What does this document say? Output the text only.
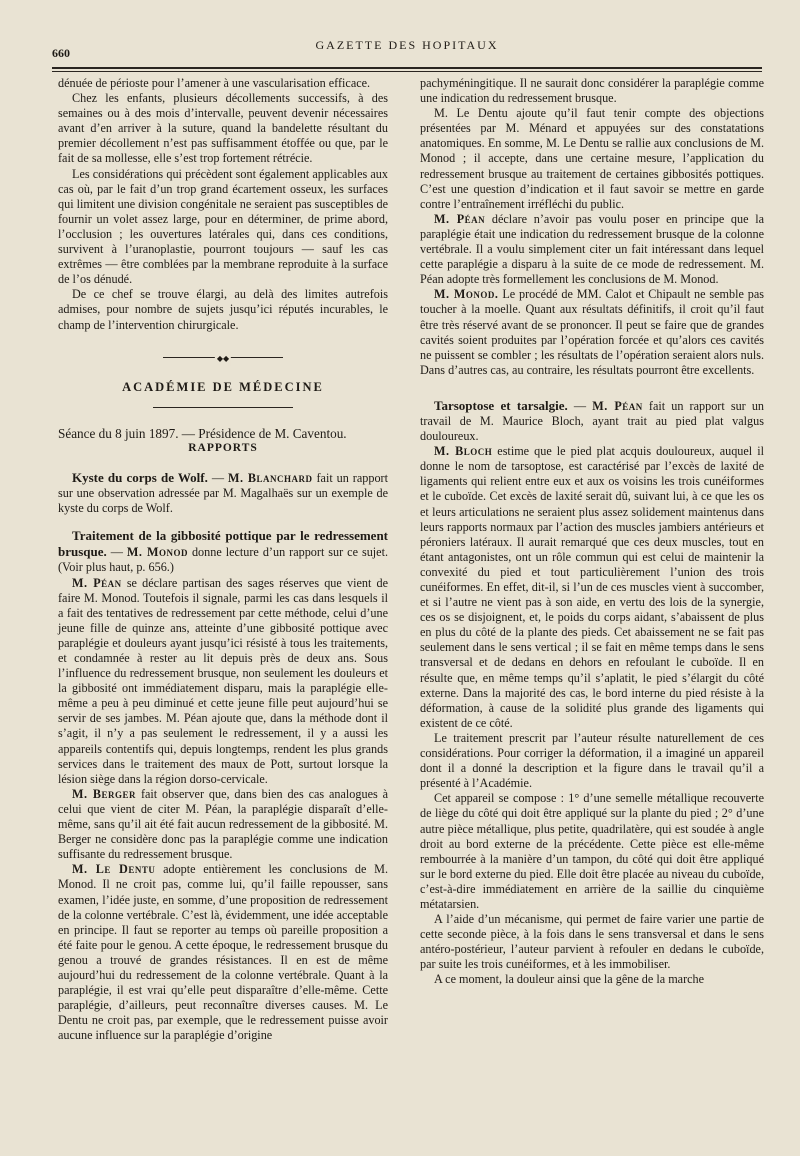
660
GAZETTE DES HOPITAUX

dénuée de périoste pour l’amener à une vascularisation efficace.

Chez les enfants, plusieurs décollements successifs, à des semaines ou à des mois d’intervalle, peuvent devenir nécessaires avant d’en arriver à la suture, quand la bandelette résultant du premier décollement n’est pas suffisamment étoffée ou que, par le fait de sa mollesse, elle s’est trop fortement rétrécie.

Les considérations qui précèdent sont également applicables aux cas où, par le fait d’un trop grand écartement osseux, les surfaces qui limitent une division congénitale ne seraient pas susceptibles de fournir un volet assez large, pour en déterminer, de prime abord, l’occlusion ; les ouvertures latérales qui, dans ces conditions, survivent à l’uranoplastie, pourront toujours — sauf les cas extrêmes — être comblées par la membrane reproduite à la surface de l’os dénudé.

De ce chef se trouve élargi, au delà des limites autrefois admises, pour nombre de sujets jusqu’ici réputés incurables, le champ de l’intervention chirurgicale.

◆◆
ACADÉMIE DE MÉDECINE

Séance du 8 juin 1897. — Présidence de M. Caventou.

RAPPORTS

Kyste du corps de Wolf. — M. Blanchard fait un rapport sur une observation adressée par M. Magalhaës sur un exemple de kyste du corps de Wolf.

Traitement de la gibbosité pottique par le redressement brusque. — M. Monod donne lecture d’un rapport sur ce sujet. (Voir plus haut, p. 656.)

M. Péan se déclare partisan des sages réserves que vient de faire M. Monod. Toutefois il signale, parmi les cas dans lesquels il a fait des tentatives de redressement par cette méthode, celui d’une jeune fille de quinze ans, atteinte d’une gibbosité pottique avec paraplégie et douleurs ayant jusqu’ici résisté à tous les traitements, et condamnée à rester au lit depuis près de deux ans. Sous l’influence du redressement brusque, non seulement les douleurs et la gibbosité ont immédiatement disparu, mais la paraplégie elle-même a peu à peu diminué et cette jeune fille peut aujourd’hui se servir de ses jambes. M. Péan ajoute que, dans la méthode dont il s’agit, il n’y a pas seulement le redressement, il y a aussi les appareils contentifs qui, depuis longtemps, rendent les plus grands services dans le traitement des maux de Pott, surtout lorsque la lésion siège dans la région dorso-cervicale.

M. Berger fait observer que, dans bien des cas analogues à celui que vient de citer M. Péan, la paraplégie disparaît d’elle-même, sans qu’il ait été fait aucun redressement de la gibbosité. M. Berger ne considère donc pas la paraplégie comme une indication suffisante du redressement brusque.

M. Le Dentu adopte entièrement les conclusions de M. Monod. Il ne croit pas, comme lui, qu’il faille repousser, sans examen, l’idée juste, en somme, d’une proposition de redressement de la colonne vertébrale. C’est là, évidemment, une idée acceptable en principe. Il faut se reporter au temps où pareille proposition a été faite pour le genou. A cette époque, le redressement brusque du genou a trouvé de grandes résistances. Il en est de même aujourd’hui du redressement de la colonne vertébrale. Quant à la paraplégie, il est vrai qu’elle peut disparaître d’elle-même. Cette paraplégie, d’ailleurs, peut reconnaître diverses causes. M. Le Dentu ne croit pas, par exemple, que le redressement puisse avoir aucune influence sur la paraplégie d’origine

pachyméningitique. Il ne saurait donc considérer la paraplégie comme une indication du redressement brusque.

M. Le Dentu ajoute qu’il faut tenir compte des objections présentées par M. Ménard et appuyées sur des constatations anatomiques. En somme, M. Le Dentu se rallie aux conclusions de M. Monod ; il accepte, dans une certaine mesure, l’application du redressement brusque au traitement de certaines gibbosités pottiques. C’est une question d’indication et il faut savoir se mettre en garde contre l’entraînement irréfléchi du public.

M. Péan déclare n’avoir pas voulu poser en principe que la paraplégie était une indication du redressement brusque de la colonne vertébrale. Il a voulu simplement citer un fait intéressant dans lequel cette paraplégie a disparu à la suite de ce mode de redressement. M. Péan adopte très formellement les conclusions de M. Monod.

M. Monod. Le procédé de MM. Calot et Chipault ne semble pas toucher à la moelle. Quant aux résultats définitifs, il croit qu’il faut être très réservé avant de se prononcer. Il peut se faire que de grandes cavités soient produites par l’opération forcée et qu’alors ces cavités ne puissent se combler ; les résultats de l’opération seraient alors nuls. Dans d’autres cas, au contraire, les résultats pourront être excellents.

Tarsoptose et tarsalgie. — M. Péan fait un rapport sur un travail de M. Maurice Bloch, ayant trait au pied plat valgus douloureux.

M. Bloch estime que le pied plat acquis douloureux, auquel il donne le nom de tarsoptose, est caractérisé par l’excès de laxité de ligaments qui relient entre eux et aux os voisins les trois cunéiformes et le cuboïde. Cet excès de laxité serait dû, suivant lui, à ce que les os et leurs articulations ne seraient plus assez solidement maintenus dans leurs rapports normaux par l’action des muscles jambiers antérieurs et péroniers latéraux. Il aurait remarqué que ces deux muscles, tout en étant antagonistes, ont un rôle commun qui est celui de maintenir la convexité du pied et tout particulièrement l’union des trois cunéiformes. En effet, dit-il, si l’un de ces muscles vient à succomber, et si l’autre ne vient pas à son aide, en vertu des lois de la synergie, ces os se disjoignent, et, le poids du corps aidant, s’abaissent de plus en plus du côté de la plante des pieds. Cet abaissement ne se fait pas seulement dans le sens vertical ; il se fait en même temps dans le sens transversal et de dedans en dehors en refoulant le cuboïde. Il en résulte que, en même temps qu’il s’aplatit, le pied s’élargit du côté externe. Dans la majorité des cas, le bord interne du pied résiste à la déformation, à cause de la solidité plus grande des ligaments qui existent de ce côté.

Le traitement prescrit par l’auteur résulte naturellement de ces considérations. Pour corriger la déformation, il a imaginé un appareil dont il a donné la description et la figure dans le travail qu’il a présenté à l’Académie.

Cet appareil se compose : 1° d’une semelle métallique recouverte de liège du côté qui doit être appliqué sur la plante du pied ; 2° d’une autre pièce métallique, plus petite, quadrilatère, qui est soudée à angle droit au bord externe de la précédente. Cette pièce est elle-même rembourrée à la manière d’un tampon, du côté qui doit être appliqué sur le bord externe du pied. Elle doit être placée au niveau du cuboïde, c’est-à-dire immédiatement en arrière de la saillie du cinquième métatarsien.

A l’aide d’un mécanisme, qui permet de faire varier une partie de cette seconde pièce, à la fois dans le sens transversal et dans le sens antéro-postérieur, l’auteur parvient à refouler en dedans le cuboïde, par suite les trois cunéiformes, et à les immobiliser.

A ce moment, la douleur ainsi que la gêne de la marche
